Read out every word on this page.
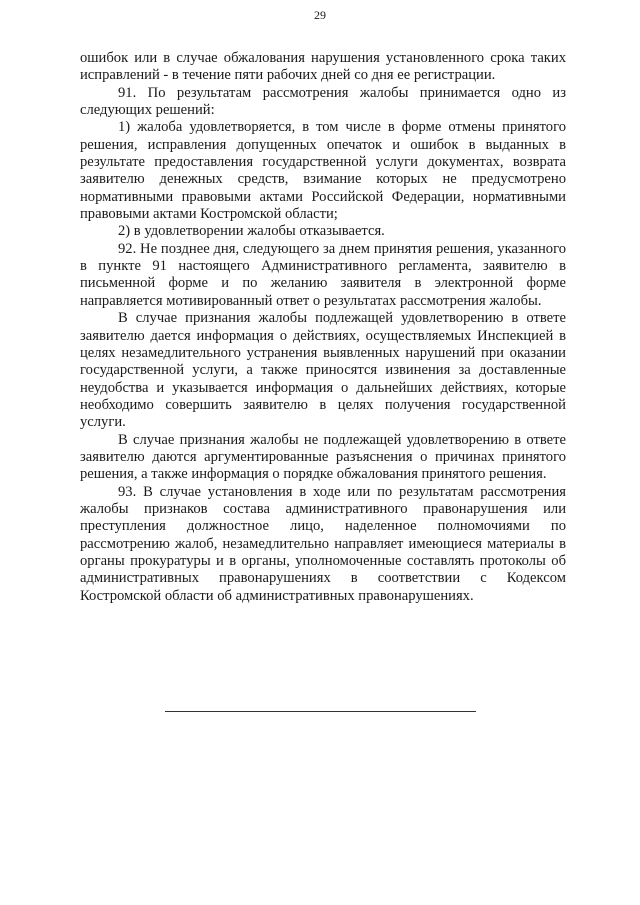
29

ошибок или в случае обжалования нарушения установленного срока таких исправлений - в течение пяти рабочих дней со дня ее регистрации.

91. По результатам рассмотрения жалобы принимается одно из следующих решений:

1) жалоба удовлетворяется, в том числе в форме отмены принятого решения, исправления допущенных опечаток и ошибок в выданных в результате предоставления государственной услуги документах, возврата заявителю денежных средств, взимание которых не предусмотрено нормативными правовыми актами Российской Федерации, нормативными правовыми актами Костромской области;

2) в удовлетворении жалобы отказывается.

92. Не позднее дня, следующего за днем принятия решения, указанного в пункте 91 настоящего Административного регламента, заявителю в письменной форме и по желанию заявителя в электронной форме направляется мотивированный ответ о результатах рассмотрения жалобы.

В случае признания жалобы подлежащей удовлетворению в ответе заявителю дается информация о действиях, осуществляемых Инспекцией в целях незамедлительного устранения выявленных нарушений при оказании государственной услуги, а также приносятся извинения за доставленные неудобства и указывается информация о дальнейших действиях, которые необходимо совершить заявителю в целях получения государственной услуги.

В случае признания жалобы не подлежащей удовлетворению в ответе заявителю даются аргументированные разъяснения о причинах принятого решения, а также информация о порядке обжалования принятого решения.

93. В случае установления в ходе или по результатам рассмотрения жалобы признаков состава административного правонарушения или преступления должностное лицо, наделенное полномочиями по рассмотрению жалоб, незамедлительно направляет имеющиеся материалы в органы прокуратуры и в органы, уполномоченные составлять протоколы об административных правонарушениях в соответствии с Кодексом Костромской области об административных правонарушениях.
